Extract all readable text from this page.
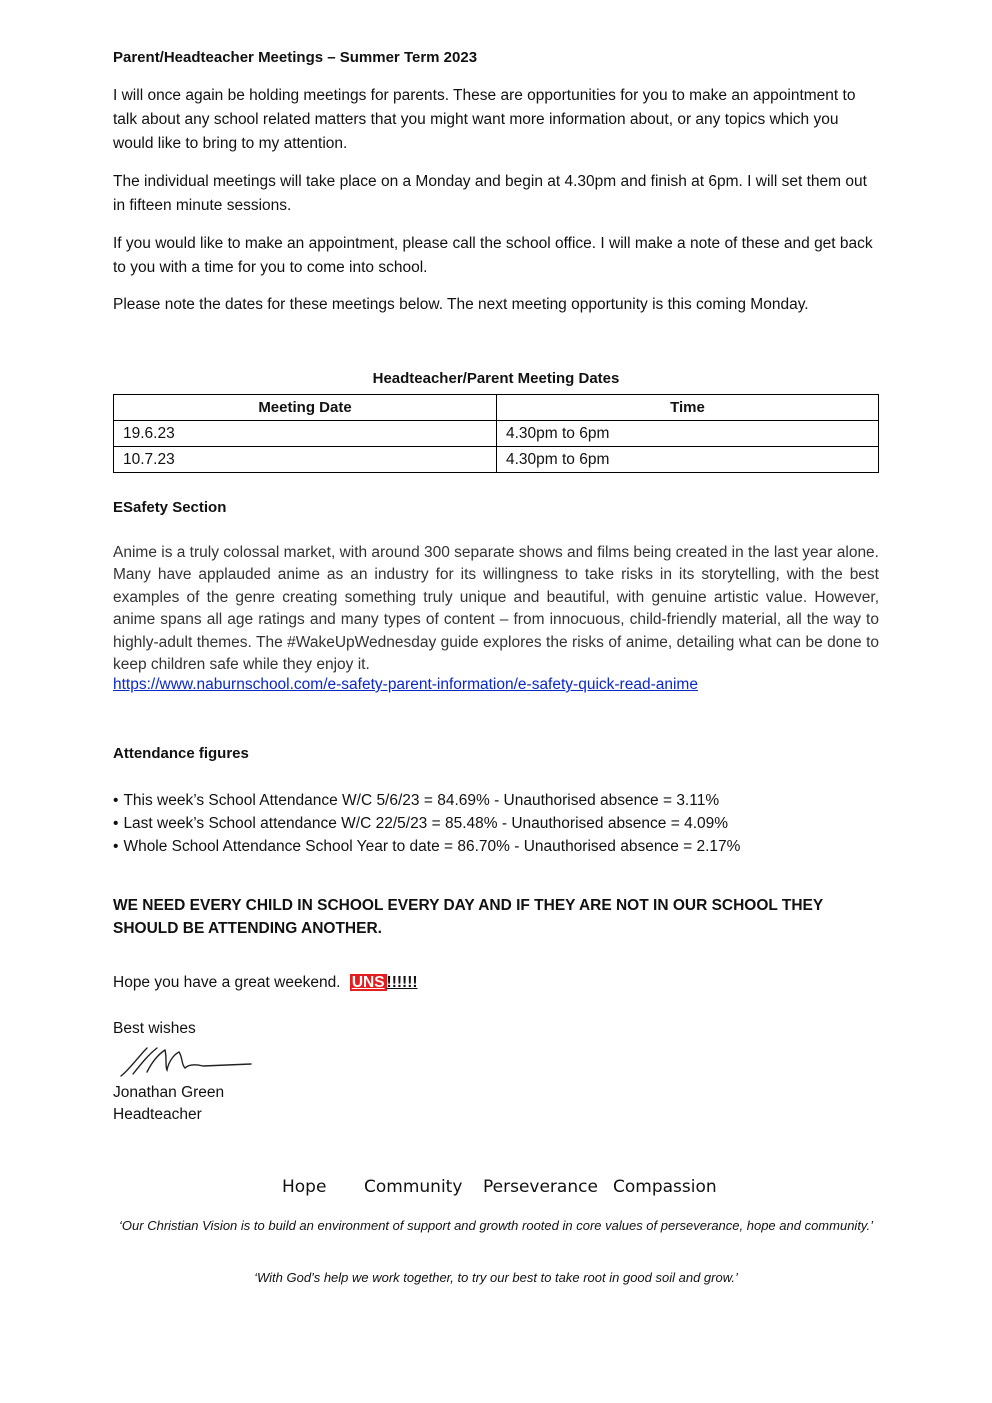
Parent/Headteacher Meetings – Summer Term 2023

I will once again be holding meetings for parents. These are opportunities for you to make an appointment to talk about any school related matters that you might want more information about, or any topics which you would like to bring to my attention.

The individual meetings will take place on a Monday and begin at 4.30pm and finish at 6pm. I will set them out in fifteen minute sessions.

If you would like to make an appointment, please call the school office. I will make a note of these and get back to you with a time for you to come into school.

Please note the dates for these meetings below. The next meeting opportunity is this coming Monday.

Headteacher/Parent Meeting Dates
Meeting Date	Time
19.6.23	4.30pm to 6pm
10.7.23	4.30pm to 6pm
ESafety Section

Anime is a truly colossal market, with around 300 separate shows and films being created in the last year alone. Many have applauded anime as an industry for its willingness to take risks in its storytelling, with the best examples of the genre creating something truly unique and beautiful, with genuine artistic value. However, anime spans all age ratings and many types of content – from innocuous, child-friendly material, all the way to highly-adult themes. The #WakeUpWednesday guide explores the risks of anime, detailing what can be done to keep children safe while they enjoy it.

https://www.naburnschool.com/e-safety-parent-information/e-safety-quick-read-anime
Attendance figures
• This week’s School Attendance W/C 5/6/23 = 84.69% - Unauthorised absence = 3.11%
• Last week’s School attendance W/C 22/5/23 = 85.48% - Unauthorised absence = 4.09%
• Whole School Attendance School Year to date = 86.70% - Unauthorised absence = 2.17%

WE NEED EVERY CHILD IN SCHOOL EVERY DAY AND IF THEY ARE NOT IN OUR SCHOOL THEY SHOULD BE ATTENDING ANOTHER.

Hope you have a great weekend. UNS !!!!!!
Best wishes
Jonathan Green
Headteacher
Hope Community Perseverance Compassion

‘Our Christian Vision is to build an environment of support and growth rooted in core values of perseverance, hope and community.’

‘With God’s help we work together, to try our best to take root in good soil and grow.’
